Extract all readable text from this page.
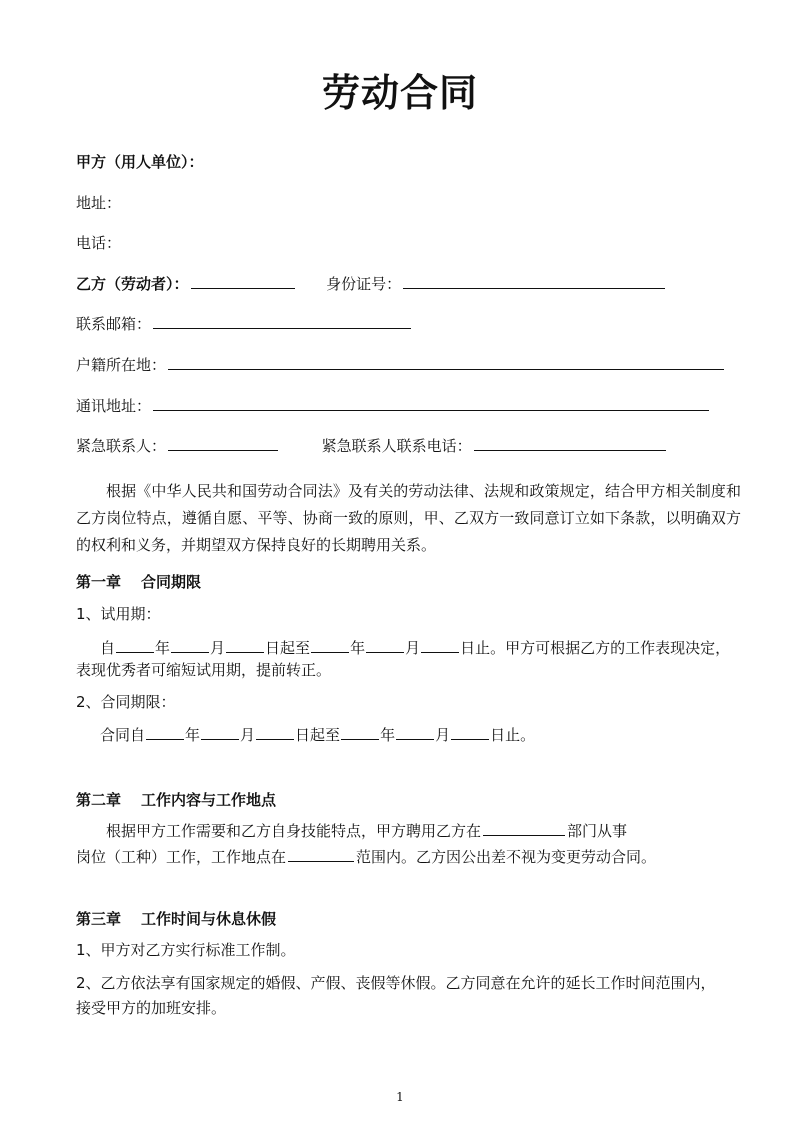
劳动合同
甲方（用人单位）：
地址：
电话：
乙方（劳动者）：	身份证号：
联系邮箱：
户籍所在地：
通讯地址：
紧急联系人：	紧急联系人联系电话：
根据《中华人民共和国劳动合同法》及有关的劳动法律、法规和政策规定，结合甲方相关制度和乙方岗位特点，遵循自愿、平等、协商一致的原则，甲、乙双方一致同意订立如下条款，以明确双方的权利和义务，并期望双方保持良好的长期聘用关系。
第一章 合同期限
1、试用期：
自	年	月	日起至	年	月	日止。甲方可根据乙方的工作表现决定，
表现优秀者可缩短试用期，提前转正。
2、合同期限：
合同自	年	月	日起至	年	月	日止。
第二章 工作内容与工作地点
根据甲方工作需要和乙方自身技能特点，甲方聘用乙方在	部门从事
岗位（工种）工作，工作地点在	范围内。乙方因公出差不视为变更劳动合同。
第三章 工作时间与休息休假
1、甲方对乙方实行标准工作制。
2、乙方依法享有国家规定的婚假、产假、丧假等休假。乙方同意在允许的延长工作时间范围内，
接受甲方的加班安排。
1
